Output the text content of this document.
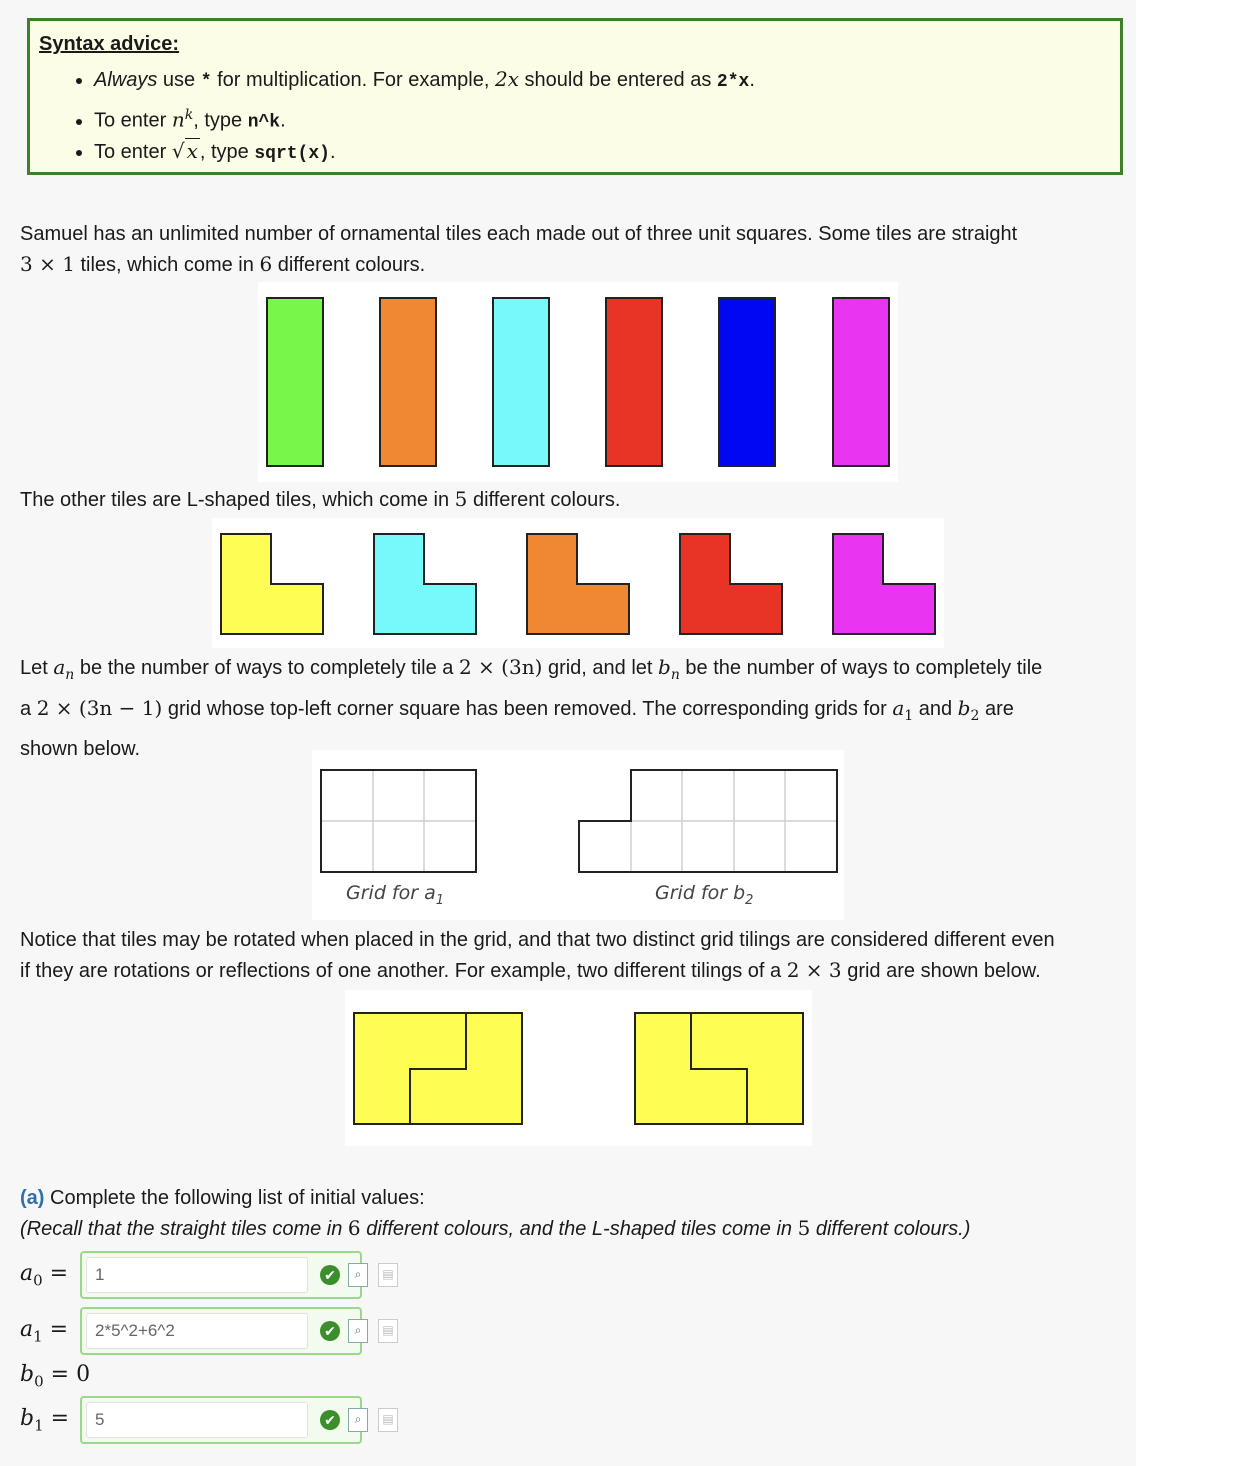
Syntax advice:
• Always use * for multiplication. For example, 2x should be entered as 2*x.
• To enter $n^k$, type n^k.
• To enter √ x , type sqrt(x).
Samuel has an unlimited number of ornamental tiles each made out of three unit squares. Some tiles are straight
3 × 1 tiles, which come in 6 different colours.
The other tiles are L-shaped tiles, which come in 5 different colours.
Let $a_n$ be the number of ways to completely tile a 2 × (3n) grid, and let $b_n$ be the number of ways to completely tile
a 2 × (3n − 1) grid whose top-left corner square has been removed. The corresponding grids for $a_1$ and $b_2$ are
shown below.
Grid for $a_1$	Grid for $b_2$
Notice that tiles may be rotated when placed in the grid, and that two distinct grid tilings are considered different even
if they are rotations or reflections of one another. For example, two different tilings of a 2 × 3 grid are shown below.
(a) Complete the following list of initial values:
(Recall that the straight tiles come in 6 different colours, and the L-shaped tiles come in 5 different colours.)
$a_0$ =
1	✔	⌕	▤
$a_1$ =
2*5^2+6^2	✔	⌕	▤
$b_0 = 0$
$b_1$ =
5	✔	⌕	▤
